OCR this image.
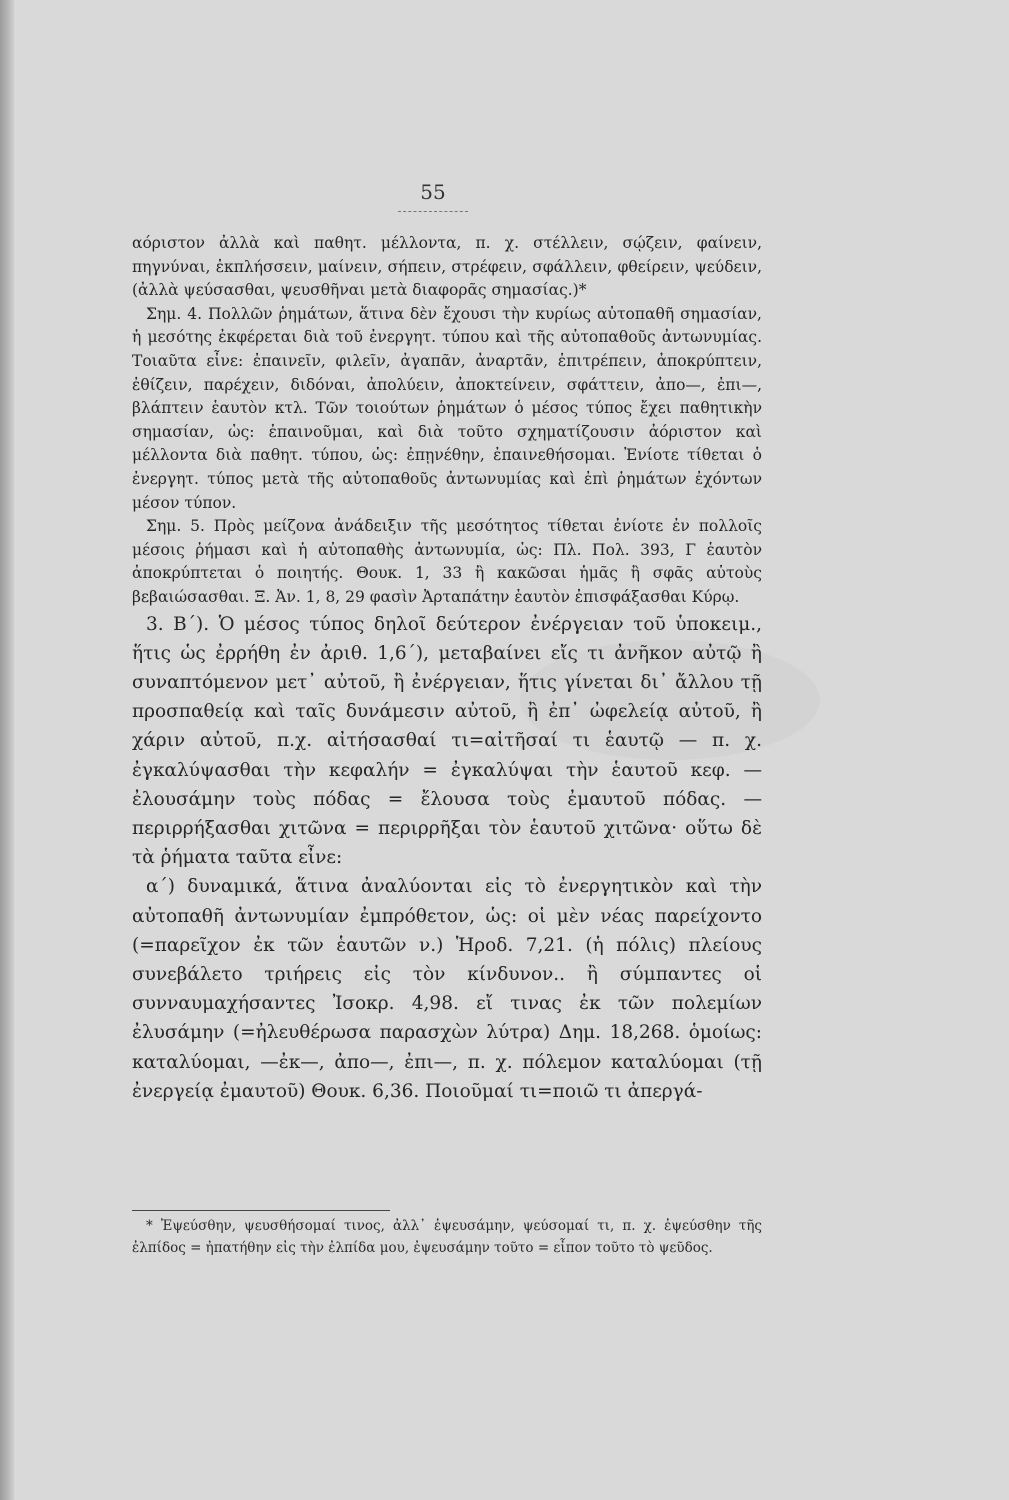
55

αόριστον ἀλλὰ καὶ παθητ. μέλλοντα, π. χ. στέλλειν, σῴζειν, φαίνειν, πηγνύναι, ἐκπλήσσειν, μαίνειν, σήπειν, στρέφειν, σφάλλειν, φθείρειν, ψεύδειν, (ἀλλὰ ψεύσασθαι, ψευσθῆναι μετὰ διαφορᾶς σημασίας.)*

Σημ. 4. Πολλῶν ῥημάτων, ἅτινα δὲν ἔχουσι τὴν κυρίως αὐτοπαθῆ σημασίαν, ἡ μεσότης ἐκφέρεται διὰ τοῦ ἐνεργητ. τύπου καὶ τῆς αὐτοπαθοῦς ἀντωνυμίας. Τοιαῦτα εἶνε: ἐπαινεῖν, φιλεῖν, ἀγαπᾶν, ἀναρτᾶν, ἐπιτρέπειν, ἀποκρύπτειν, ἐθίζειν, παρέχειν, διδόναι, ἀπολύειν, ἀποκτείνειν, σφάττειν, ἀπο—, ἐπι—, βλάπτειν ἑαυτὸν κτλ. Τῶν τοιούτων ῥημάτων ὁ μέσος τύπος ἔχει παθητικὴν σημασίαν, ὡς: ἐπαινοῦμαι, καὶ διὰ τοῦτο σχηματίζουσιν ἀόριστον καὶ μέλλοντα διὰ παθητ. τύπου, ὡς: ἐπῃνέθην, ἐπαινεθήσομαι. Ἐνίοτε τίθεται ὁ ἐνεργητ. τύπος μετὰ τῆς αὐτοπαθοῦς ἀντωνυμίας καὶ ἐπὶ ῥημάτων ἐχόντων μέσον τύπον.

Σημ. 5. Πρὸς μείζονα ἀνάδειξιν τῆς μεσότητος τίθεται ἐνίοτε ἐν πολλοῖς μέσοις ῥήμασι καὶ ἡ αὐτοπαθὴς ἀντωνυμία, ὡς: Πλ. Πολ. 393, Γ ἑαυτὸν ἀποκρύπτεται ὁ ποιητής. Θουκ. 1, 33 ἢ κακῶσαι ἡμᾶς ἢ σφᾶς αὐτοὺς βεβαιώσασθαι. Ξ. Ἀν. 1, 8, 29 φασὶν Ἀρταπάτην ἑαυτὸν ἐπισφάξασθαι Κύρῳ.

3. Β΄). Ὁ μέσος τύπος δηλοῖ δεύτερον ἐνέργειαν τοῦ ὑποκειμ., ἥτις ὡς ἐρρήθη ἐν ἀριθ. 1,6΄), μεταβαίνει εἴς τι ἀνῆκον αὐτῷ ἢ συναπτόμενον μετ᾽ αὐτοῦ, ἢ ἐνέργειαν, ἥτις γίνεται δι᾽ ἄλλου τῇ προσπαθείᾳ καὶ ταῖς δυνάμεσιν αὐτοῦ, ἢ ἐπ᾽ ὠφελείᾳ αὐτοῦ, ἢ χάριν αὐτοῦ, π.χ. αἰτήσασθαί τι=αἰτῆσαί τι ἑαυτῷ — π. χ. ἐγκαλύψασθαι τὴν κεφαλήν = ἐγκαλύψαι τὴν ἑαυτοῦ κεφ. — ἐλουσάμην τοὺς πόδας = ἔλουσα τοὺς ἐμαυτοῦ πόδας. — περιρρήξασθαι χιτῶνα = περιρρῆξαι τὸν ἑαυτοῦ χιτῶνα· οὕτω δὲ τὰ ῥήματα ταῦτα εἶνε:

α΄) δυναμικά, ἅτινα ἀναλύονται εἰς τὸ ἐνεργητικὸν καὶ τὴν αὐτοπαθῆ ἀντωνυμίαν ἐμπρόθετον, ὡς: οἱ μὲν νέας παρείχοντο (=παρεῖχον ἐκ τῶν ἑαυτῶν ν.) Ἡροδ. 7,21. (ἡ πόλις) πλείους συνεβάλετο τριήρεις εἰς τὸν κίνδυνον.. ἢ σύμπαντες οἱ συνναυμαχήσαντες Ἰσοκρ. 4,98. εἴ τινας ἐκ τῶν πολεμίων ἐλυσάμην (=ἠλευθέρωσα παρασχὼν λύτρα) Δημ. 18,268. ὁμοίως: καταλύομαι, —ἐκ—, ἀπο—, ἐπι—, π. χ. πόλεμον καταλύομαι (τῇ ἐνεργείᾳ ἐμαυτοῦ) Θουκ. 6,36. Ποιοῦμαί τι=ποιῶ τι ἀπεργά-

* Ἐψεύσθην, ψευσθήσομαί τινος, ἀλλ᾽ ἐψευσάμην, ψεύσομαί τι, π. χ. ἐψεύσθην τῆς ἐλπίδος = ἠπατήθην εἰς τὴν ἐλπίδα μου, ἐψευσάμην τοῦτο = εἶπον τοῦτο τὸ ψεῦδος.
